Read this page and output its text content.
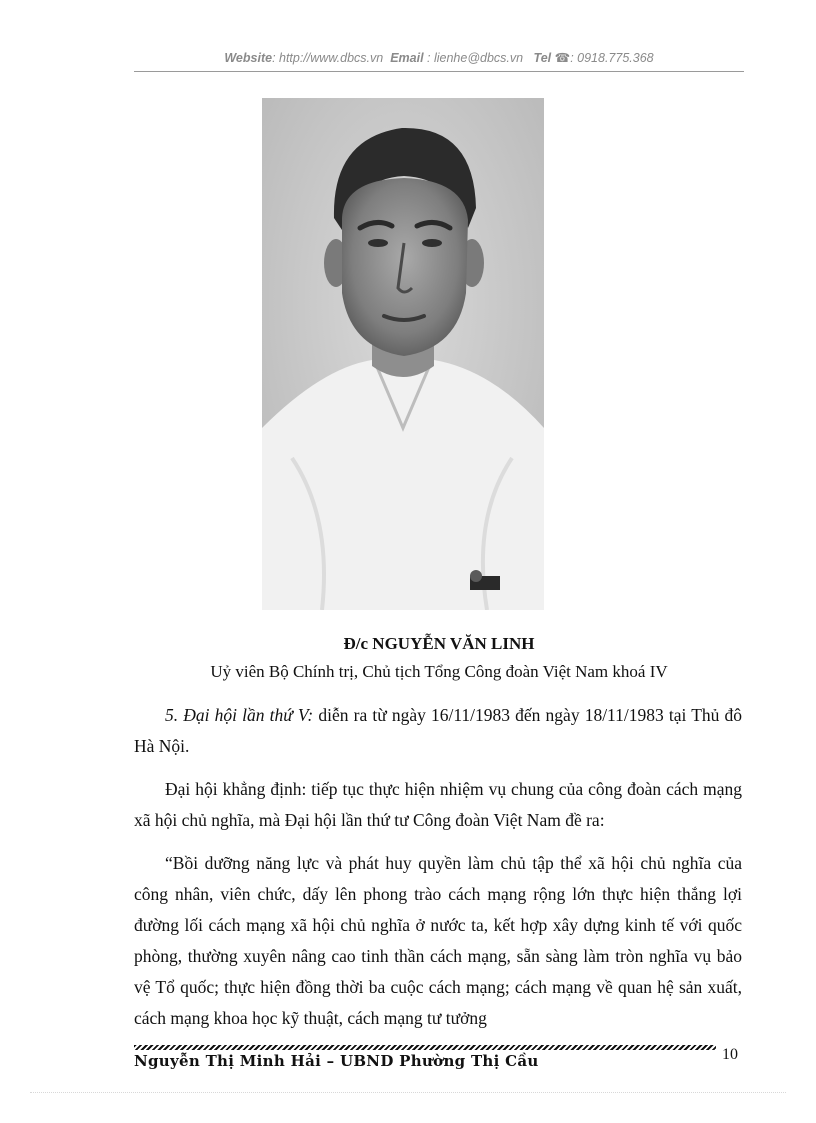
Website: http://www.dbcs.vn Email : lienhe@dbcs.vn Tel ☎: 0918.775.368
Đ/c NGUYỄN VĂN LINH
Uỷ viên Bộ Chính trị, Chủ tịch Tổng Công đoàn Việt Nam khoá IV

5. Đại hội lần thứ V: diễn ra từ ngày 16/11/1983 đến ngày 18/11/1983 tại Thủ đô Hà Nội.

Đại hội khẳng định: tiếp tục thực hiện nhiệm vụ chung của công đoàn cách mạng xã hội chủ nghĩa, mà Đại hội lần thứ tư Công đoàn Việt Nam đề ra:

“Bồi dưỡng năng lực và phát huy quyền làm chủ tập thể xã hội chủ nghĩa của công nhân, viên chức, dấy lên phong trào cách mạng rộng lớn thực hiện thắng lợi đường lối cách mạng xã hội chủ nghĩa ở nước ta, kết hợp xây dựng kinh tế với quốc phòng, thường xuyên nâng cao tinh thần cách mạng, sẵn sàng làm tròn nghĩa vụ bảo vệ Tổ quốc; thực hiện đồng thời ba cuộc cách mạng; cách mạng về quan hệ sản xuất, cách mạng khoa học kỹ thuật, cách mạng tư tưởng

Nguyễn Thị Minh Hải – UBND Phường Thị Cầu	10
